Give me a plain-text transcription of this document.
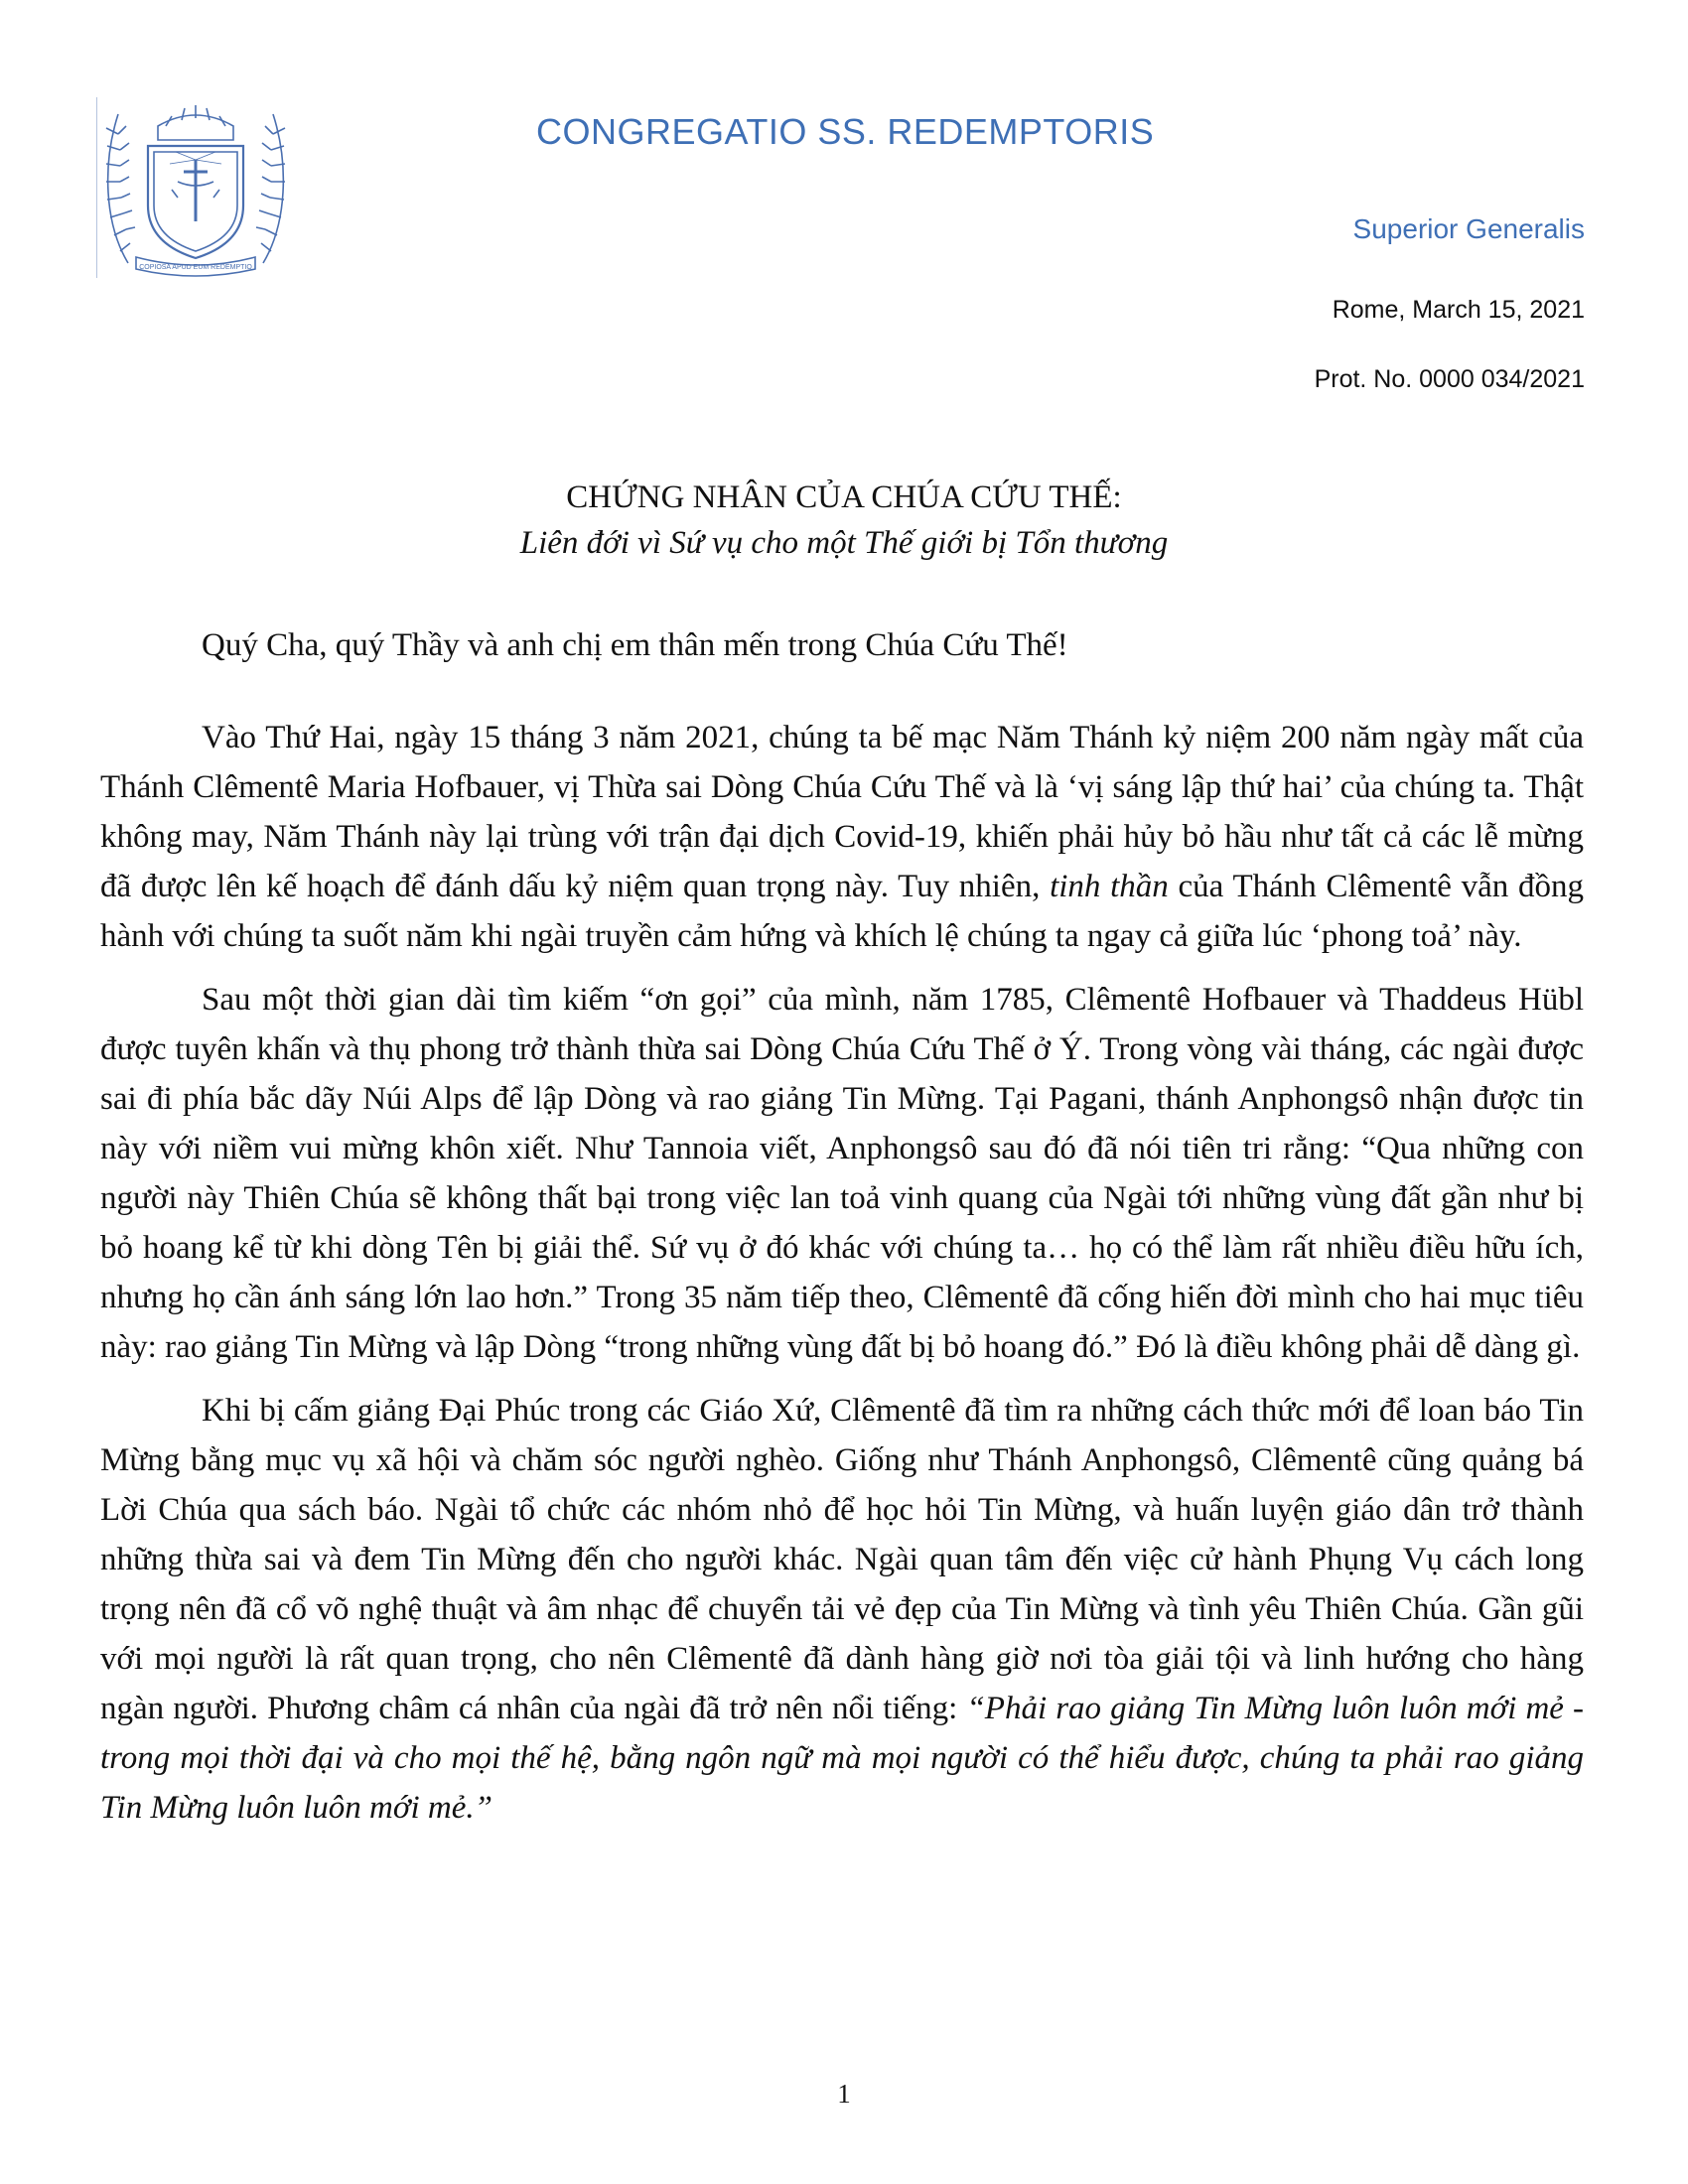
COPIOSA APUD EUM REDEMPTIO
CONGREGATIO SS. REDEMPTORIS
Superior Generalis
Rome, March 15, 2021
Prot. No. 0000 034/2021
CHỨNG NHÂN CỦA CHÚA CỨU THẾ:
Liên đới vì Sứ vụ cho một Thế giới bị Tổn thương
Quý Cha, quý Thầy và anh chị em thân mến trong Chúa Cứu Thế!

Vào Thứ Hai, ngày 15 tháng 3 năm 2021, chúng ta bế mạc Năm Thánh kỷ niệm 200 năm ngày mất của Thánh Clêmentê Maria Hofbauer, vị Thừa sai Dòng Chúa Cứu Thế và là ‘vị sáng lập thứ hai’ của chúng ta. Thật không may, Năm Thánh này lại trùng với trận đại dịch Covid-19, khiến phải hủy bỏ hầu như tất cả các lễ mừng đã được lên kế hoạch để đánh dấu kỷ niệm quan trọng này. Tuy nhiên, tinh thần của Thánh Clêmentê vẫn đồng hành với chúng ta suốt năm khi ngài truyền cảm hứng và khích lệ chúng ta ngay cả giữa lúc ‘phong toả’ này.

Sau một thời gian dài tìm kiếm “ơn gọi” của mình, năm 1785, Clêmentê Hofbauer và Thaddeus Hübl được tuyên khấn và thụ phong trở thành thừa sai Dòng Chúa Cứu Thế ở Ý. Trong vòng vài tháng, các ngài được sai đi phía bắc dãy Núi Alps để lập Dòng và rao giảng Tin Mừng. Tại Pagani, thánh Anphongsô nhận được tin này với niềm vui mừng khôn xiết. Như Tannoia viết, Anphongsô sau đó đã nói tiên tri rằng: “Qua những con người này Thiên Chúa sẽ không thất bại trong việc lan toả vinh quang của Ngài tới những vùng đất gần như bị bỏ hoang kể từ khi dòng Tên bị giải thể. Sứ vụ ở đó khác với chúng ta… họ có thể làm rất nhiều điều hữu ích, nhưng họ cần ánh sáng lớn lao hơn.” Trong 35 năm tiếp theo, Clêmentê đã cống hiến đời mình cho hai mục tiêu này: rao giảng Tin Mừng và lập Dòng “trong những vùng đất bị bỏ hoang đó.” Đó là điều không phải dễ dàng gì.

Khi bị cấm giảng Đại Phúc trong các Giáo Xứ, Clêmentê đã tìm ra những cách thức mới để loan báo Tin Mừng bằng mục vụ xã hội và chăm sóc người nghèo. Giống như Thánh Anphongsô, Clêmentê cũng quảng bá Lời Chúa qua sách báo. Ngài tổ chức các nhóm nhỏ để học hỏi Tin Mừng, và huấn luyện giáo dân trở thành những thừa sai và đem Tin Mừng đến cho người khác. Ngài quan tâm đến việc cử hành Phụng Vụ cách long trọng nên đã cổ võ nghệ thuật và âm nhạc để chuyển tải vẻ đẹp của Tin Mừng và tình yêu Thiên Chúa. Gần gũi với mọi người là rất quan trọng, cho nên Clêmentê đã dành hàng giờ nơi tòa giải tội và linh hướng cho hàng ngàn người. Phương châm cá nhân của ngài đã trở nên nổi tiếng: “Phải rao giảng Tin Mừng luôn luôn mới mẻ - trong mọi thời đại và cho mọi thế hệ, bằng ngôn ngữ mà mọi người có thể hiểu được, chúng ta phải rao giảng Tin Mừng luôn luôn mới mẻ.”

1
